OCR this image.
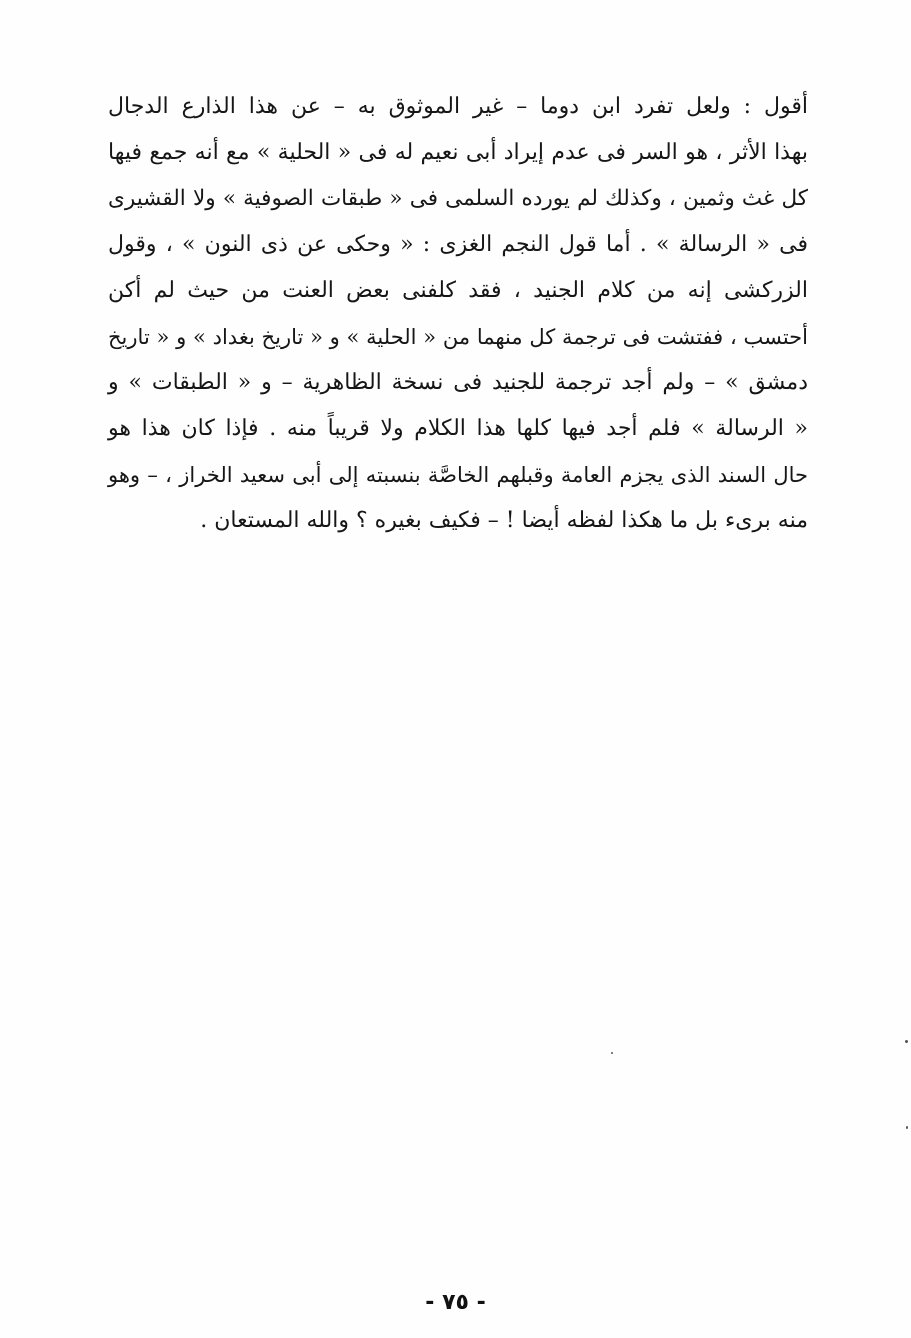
أقول : ولعل تفرد ابن دوما – غير الموثوق به – عن هذا الذارع الدجال
بهذا الأثر ، هو السر فى عدم إيراد أبى نعيم له فى « الحلية » مع أنه جمع فيها
كل غث وثمين ، وكذلك لم يورده السلمى فى « طبقات الصوفية » ولا القشيرى
فى « الرسالة » . أما قول النجم الغزى : « وحكى عن ذى النون » ، وقول
الزركشى إنه من كلام الجنيد ، فقد كلفنى بعض العنت من حيث لم أكن
أحتسب ، ففتشت فى ترجمة كل منهما من « الحلية » و « تاريخ بغداد » و « تاريخ
دمشق » – ولم أجد ترجمة للجنيد فى نسخة الظاهرية – و « الطبقات » و
« الرسالة » فلم أجد فيها كلها هذا الكلام ولا قريباً منه . فإذا كان هذا هو
حال السند الذى يجزم العامة وقبلهم الخاصَّة بنسبته إلى أبى سعيد الخراز ، – وهو
منه برىء بل ما هكذا لفظه أيضا ! – فكيف بغيره ؟ والله المستعان .
- ٧٥ -
